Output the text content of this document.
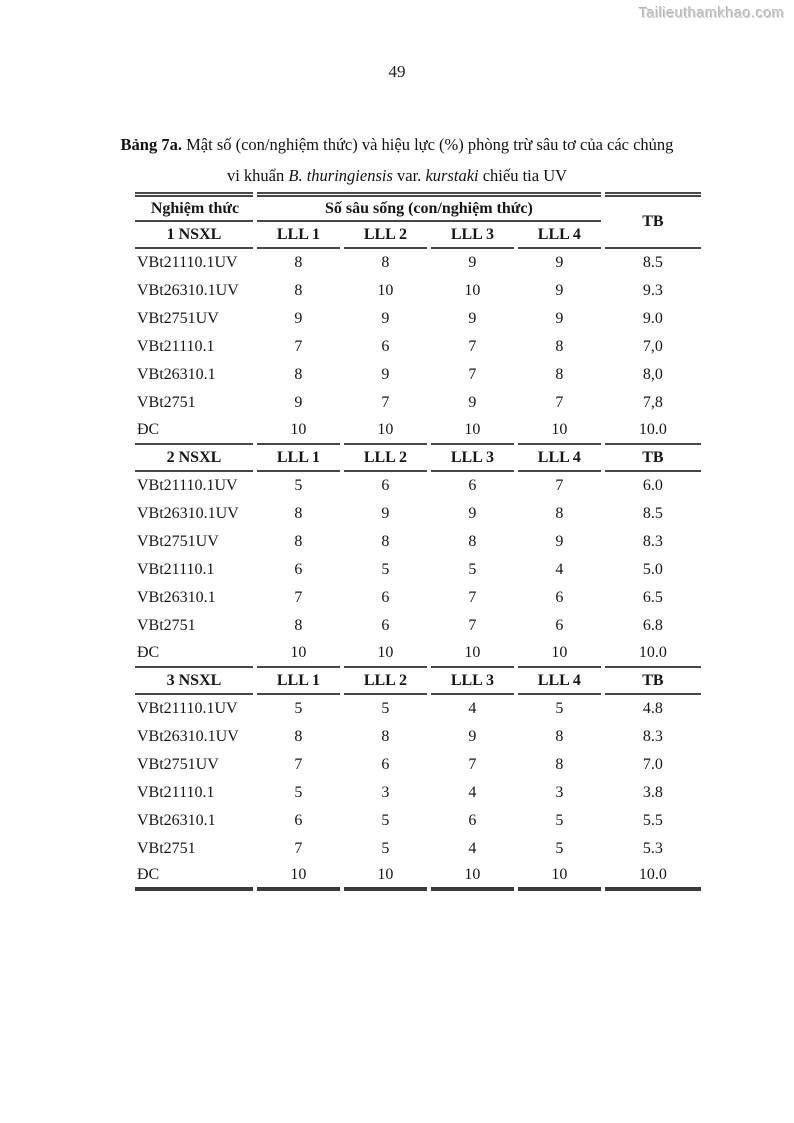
Tailieuthamkhao.com
49
Bảng 7a. Mật số (con/nghiệm thức) và hiệu lực (%) phòng trừ sâu tơ của các chủng
vi khuẩn B. thuringiensis var. kurstaki chiếu tia UV
Nghiệm thức	Số sâu sống (con/nghiệm thức)				TB
1 NSXL	LLL 1	LLL 2	LLL 3	LLL 4	
VBt21110.1UV	8	8	9	9	8.5
VBt26310.1UV	8	10	10	9	9.3
VBt2751UV	9	9	9	9	9.0
VBt21110.1	7	6	7	8	7,0
VBt26310.1	8	9	7	8	8,0
VBt2751	9	7	9	7	7,8
ĐC	10	10	10	10	10.0
2 NSXL	LLL 1	LLL 2	LLL 3	LLL 4	TB
VBt21110.1UV	5	6	6	7	6.0
VBt26310.1UV	8	9	9	8	8.5
VBt2751UV	8	8	8	9	8.3
VBt21110.1	6	5	5	4	5.0
VBt26310.1	7	6	7	6	6.5
VBt2751	8	6	7	6	6.8
ĐC	10	10	10	10	10.0
3 NSXL	LLL 1	LLL 2	LLL 3	LLL 4	TB
VBt21110.1UV	5	5	4	5	4.8
VBt26310.1UV	8	8	9	8	8.3
VBt2751UV	7	6	7	8	7.0
VBt21110.1	5	3	4	3	3.8
VBt26310.1	6	5	6	5	5.5
VBt2751	7	5	4	5	5.3
ĐC	10	10	10	10	10.0
